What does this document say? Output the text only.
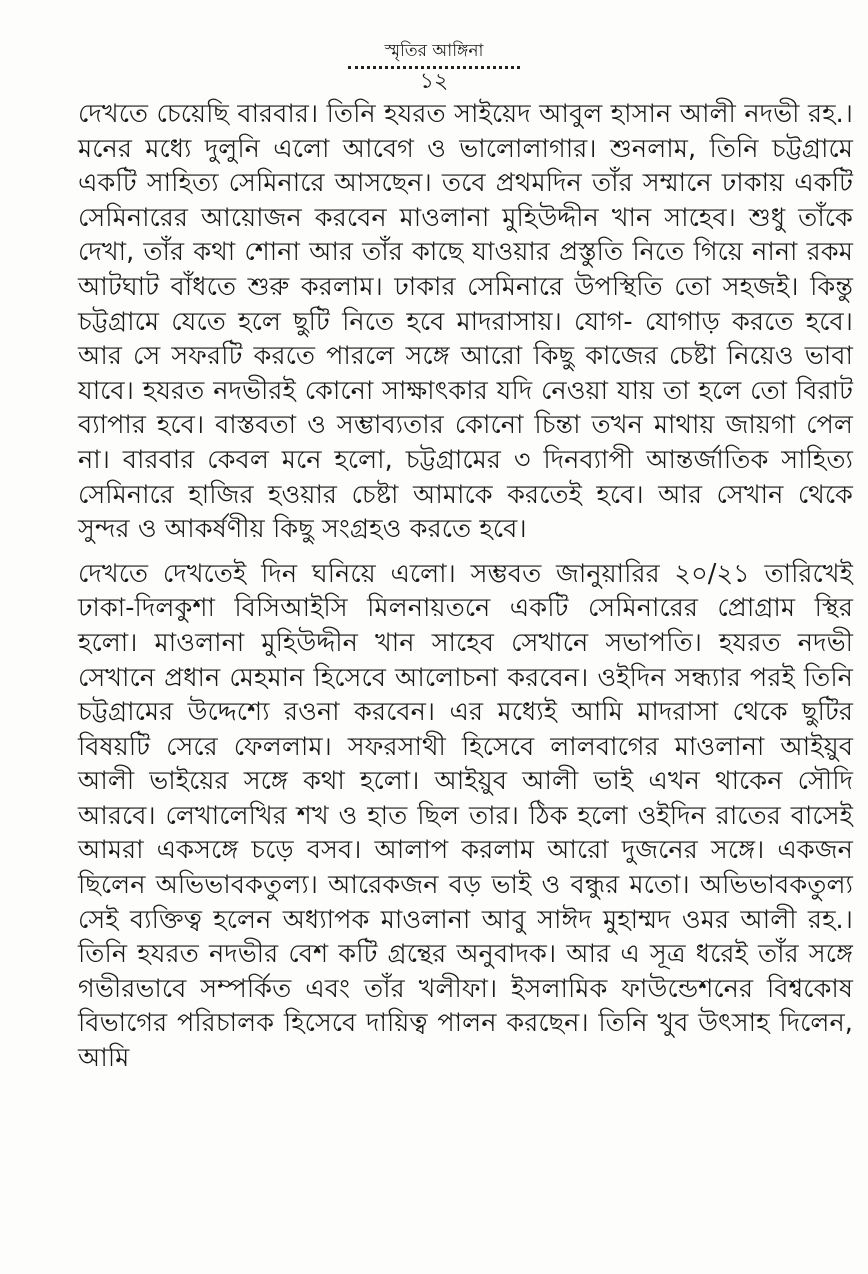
স্মৃতির আঙ্গিনা
১২

দেখতে চেয়েছি বারবার। তিনি হযরত সাইয়েদ আবুল হাসান আলী নদভী রহ.। মনের মধ্যে দুলুনি এলো আবেগ ও ভালোলাগার। শুনলাম, তিনি চট্টগ্রামে একটি সাহিত্য সেমিনারে আসছেন। তবে প্রথমদিন তাঁর সম্মানে ঢাকায় একটি সেমিনারের আয়োজন করবেন মাওলানা মুহিউদ্দীন খান সাহেব। শুধু তাঁকে দেখা, তাঁর কথা শোনা আর তাঁর কাছে যাওয়ার প্রস্তুতি নিতে গিয়ে নানা রকম আটঘাট বাঁধতে শুরু করলাম। ঢাকার সেমিনারে উপস্থিতি তো সহজই। কিন্তু চট্টগ্রামে যেতে হলে ছুটি নিতে হবে মাদরাসায়। যোগ- যোগাড় করতে হবে। আর সে সফরটি করতে পারলে সঙ্গে আরো কিছু কাজের চেষ্টা নিয়েও ভাবা যাবে। হযরত নদভীরই কোনো সাক্ষাৎকার যদি নেওয়া যায় তা হলে তো বিরাট ব্যাপার হবে। বাস্তবতা ও সম্ভাব্যতার কোনো চিন্তা তখন মাথায় জায়গা পেল না। বারবার কেবল মনে হলো, চট্টগ্রামের ৩ দিনব্যাপী আন্তর্জাতিক সাহিত্য সেমিনারে হাজির হওয়ার চেষ্টা আমাকে করতেই হবে। আর সেখান থেকে সুন্দর ও আকর্ষণীয় কিছু সংগ্রহও করতে হবে।

দেখতে দেখতেই দিন ঘনিয়ে এলো। সম্ভবত জানুয়ারির ২০/২১ তারিখেই ঢাকা-দিলকুশা বিসিআইসি মিলনায়তনে একটি সেমিনারের প্রোগ্রাম স্থির হলো। মাওলানা মুহিউদ্দীন খান সাহেব সেখানে সভাপতি। হযরত নদভী সেখানে প্রধান মেহমান হিসেবে আলোচনা করবেন। ওইদিন সন্ধ্যার পরই তিনি চট্টগ্রামের উদ্দেশ্যে রওনা করবেন। এর মধ্যেই আমি মাদরাসা থেকে ছুটির বিষয়টি সেরে ফেললাম। সফরসাথী হিসেবে লালবাগের মাওলানা আইয়ুব আলী ভাইয়ের সঙ্গে কথা হলো। আইয়ুব আলী ভাই এখন থাকেন সৌদি আরবে। লেখালেখির শখ ও হাত ছিল তার। ঠিক হলো ওইদিন রাতের বাসেই আমরা একসঙ্গে চড়ে বসব। আলাপ করলাম আরো দুজনের সঙ্গে। একজন ছিলেন অভিভাবকতুল্য। আরেকজন বড় ভাই ও বন্ধুর মতো। অভিভাবকতুল্য সেই ব্যক্তিত্ব হলেন অধ্যাপক মাওলানা আবু সাঈদ মুহাম্মদ ওমর আলী রহ.। তিনি হযরত নদভীর বেশ কটি গ্রন্থের অনুবাদক। আর এ সূত্র ধরেই তাঁর সঙ্গে গভীরভাবে সম্পর্কিত এবং তাঁর খলীফা। ইসলামিক ফাউন্ডেশনের বিশ্বকোষ বিভাগের পরিচালক হিসেবে দায়িত্ব পালন করছেন। তিনি খুব উৎসাহ দিলেন, আমি
